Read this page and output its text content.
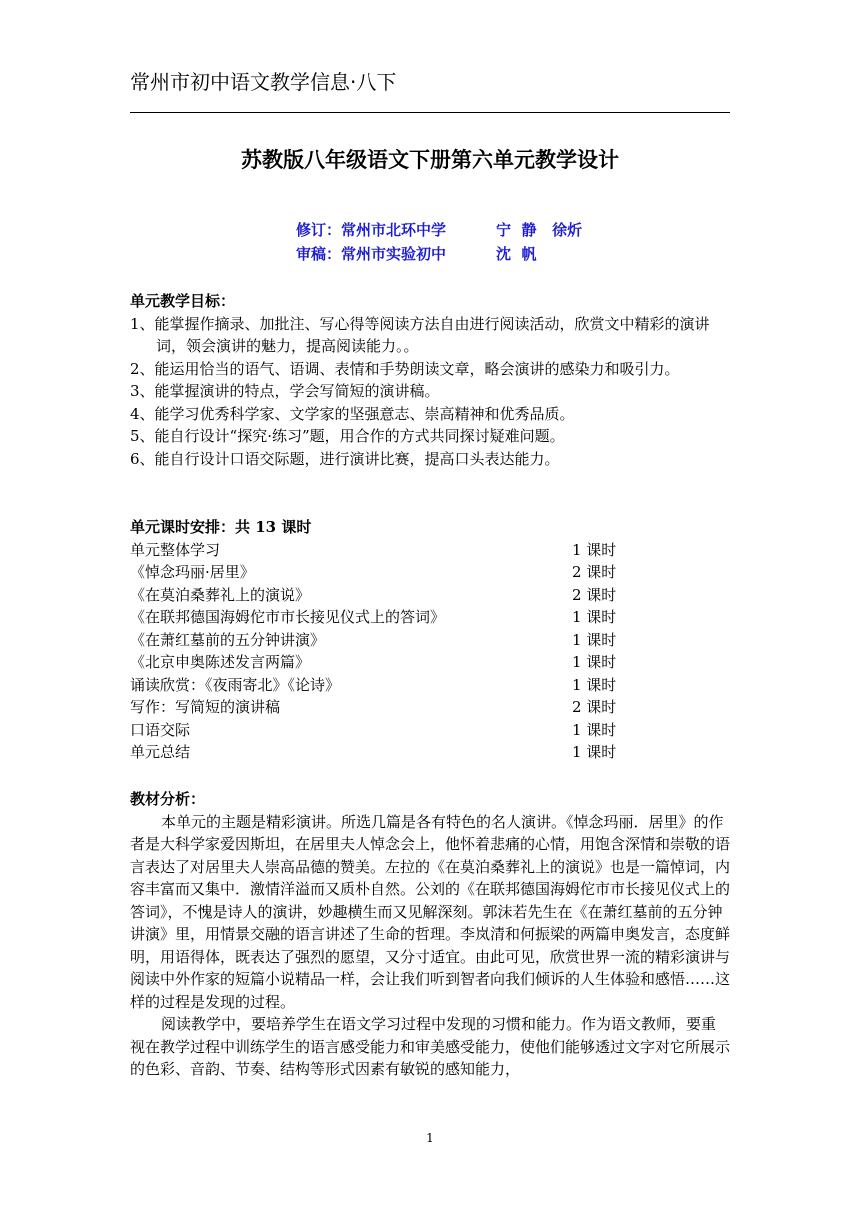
常州市初中语文教学信息·八下
苏教版八年级语文下册第六单元教学设计
修订：常州市北环中学	宁  静   徐炘
审稿：常州市实验初中	沈  帆
单元教学目标：
1、能掌握作摘录、加批注、写心得等阅读方法自由进行阅读活动，欣赏文中精彩的演讲词，领会演讲的魅力，提高阅读能力。。
2、能运用恰当的语气、语调、表情和手势朗读文章，略会演讲的感染力和吸引力。
3、能掌握演讲的特点，学会写简短的演讲稿。
4、能学习优秀科学家、文学家的坚强意志、崇高精神和优秀品质。
5、能自行设计“探究·练习”题，用合作的方式共同探讨疑难问题。
6、能自行设计口语交际题，进行演讲比赛，提高口头表达能力。
单元课时安排：共 13 课时
单元整体学习	1 课时
《悼念玛丽·居里》	2 课时
《在莫泊桑葬礼上的演说》	2 课时
《在联邦德国海姆佗市市长接见仪式上的答词》	1 课时
《在萧红墓前的五分钟讲演》	1 课时
《北京申奥陈述发言两篇》	1 课时
诵读欣赏：《夜雨寄北》《论诗》	1 课时
写作：写简短的演讲稿	2 课时
口语交际	1 课时
单元总结	1 课时
教材分析：
本单元的主题是精彩演讲。所选几篇是各有特色的名人演讲。《悼念玛丽．居里》的作者是大科学家爱因斯坦，在居里夫人悼念会上，他怀着悲痛的心情，用饱含深情和崇敬的语言表达了对居里夫人崇高品德的赞美。左拉的《在莫泊桑葬礼上的演说》也是一篇悼词，内容丰富而又集中．激情洋溢而又质朴自然。公刘的《在联邦德国海姆佗市市长接见仪式上的答词》，不愧是诗人的演讲，妙趣横生而又见解深刻。郭沫若先生在《在萧红墓前的五分钟讲演》里，用情景交融的语言讲述了生命的哲理。李岚清和何振梁的两篇申奥发言，态度鲜明，用语得体，既表达了强烈的愿望，又分寸适宜。由此可见，欣赏世界一流的精彩演讲与阅读中外作家的短篇小说精品一样，会让我们听到智者向我们倾诉的人生体验和感悟……这样的过程是发现的过程。
阅读教学中，要培养学生在语文学习过程中发现的习惯和能力。作为语文教师，要重视在教学过程中训练学生的语言感受能力和审美感受能力，使他们能够透过文字对它所展示的色彩、音韵、节奏、结构等形式因素有敏锐的感知能力，
1
